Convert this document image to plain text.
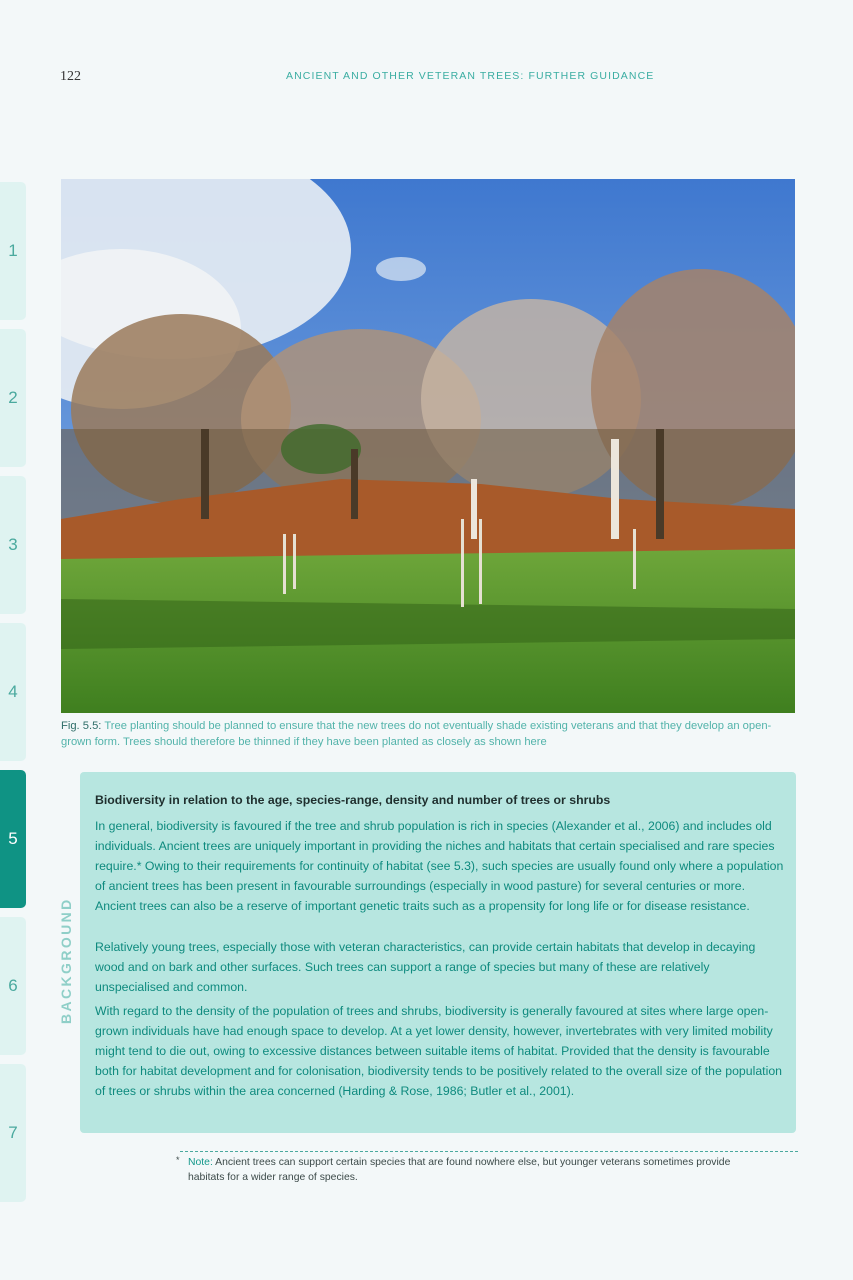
122	ANCIENT AND OTHER VETERAN TREES: FURTHER GUIDANCE
1
2
3
4
5
6
7
Fig. 5.5: Tree planting should be planned to ensure that the new trees do not eventually shade existing veterans and that they develop an open-grown form. Trees should therefore be thinned if they have been planted as closely as shown here
BACKGROUND
Biodiversity in relation to the age, species-range, density and number of trees or shrubs

In general, biodiversity is favoured if the tree and shrub population is rich in species (Alexander et al., 2006) and includes old individuals. Ancient trees are uniquely important in providing the niches and habitats that certain specialised and rare species require.* Owing to their requirements for continuity of habitat (see 5.3), such species are usually found only where a population of ancient trees has been present in favourable surroundings (especially in wood pasture) for several centuries or more. Ancient trees can also be a reserve of important genetic traits such as a propensity for long life or for disease resistance.

Relatively young trees, especially those with veteran characteristics, can provide certain habitats that develop in decaying wood and on bark and other surfaces. Such trees can support a range of species but many of these are relatively unspecialised and common.

With regard to the density of the population of trees and shrubs, biodiversity is generally favoured at sites where large open-grown individuals have had enough space to develop. At a yet lower density, however, invertebrates with very limited mobility might tend to die out, owing to excessive distances between suitable items of habitat. Provided that the density is favourable both for habitat development and for colonisation, biodiversity tends to be positively related to the overall size of the population of trees or shrubs within the area concerned (Harding & Rose, 1986; Butler et al., 2001).

* Note: Ancient trees can support certain species that are found nowhere else, but younger veterans sometimes provide
habitats for a wider range of species.
